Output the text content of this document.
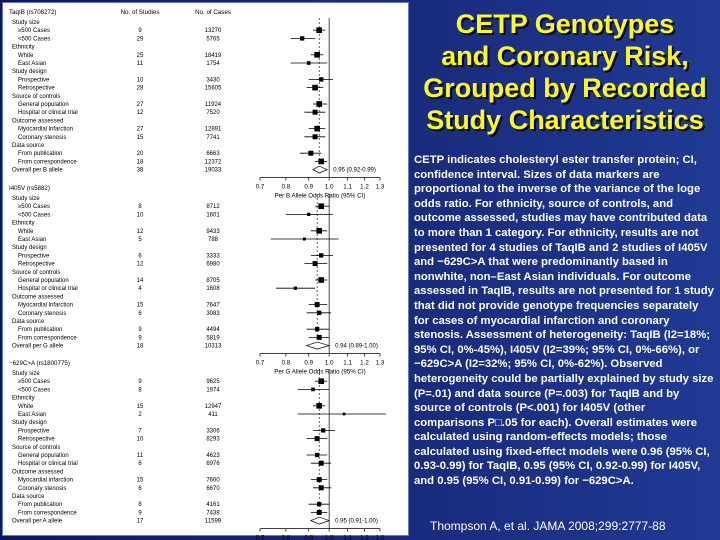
TaqIB (rs708272)	No. of Studies	No. of Cases
Study size
≥500 Cases	9	13270
<500 Cases	29	5765
Ethnicity
White	25	18419
East Asian	11	1754
Study design
Prospective	10	3430
Retrospective	28	15605
Source of controls
General population	27	11924
Hospital or clinical trial	12	7520
Outcome assessed
Myocardial infarction	27	12891
Coronary stenosis	15	7741
Data source
From publication	20	6663
From correspondence	18	12372
Overall per B allele	38	19033	0.95 (0.92-0.99)
0.7	0.8 0.9 1.0 1.1 1.2 1.3
Per B Allele Odds Ratio (95% CI)
I405V (rs5882)
Study size
≥500 Cases	8	8712
<500 Cases	10	1601
Ethnicity
White	12	9433
East Asian	5	788
Study design
Prospective	6	3333
Retrospective	12	6980
Source of controls
General population	14	8705
Hospital or clinical trial	4	1608
Outcome assessed
Myocardial infarction	15	7647
Coronary stenosis	6	3083
Data source
From publication	9	4494
From correspondence	9	5819
Overall per G allele	18	10313	0.94 (0.89-1.00)
0.7	0.8 0.9 1.0 1.1 1.2 1.3
Per G Allele Odds Ratio (95% CI)
−629C>A (rs1800775)
Study size
≥500 Cases	9	9625
<500 Cases	8	1974
Ethnicity
White	15	12947
East Asian	2	411
Study design
Prospective	7	3306
Retrospective	10	8293
Source of controls
General population	11	4623
Hospital or clinical trial	6	6976
Outcome assessed
Myocardial infarction	15	7600
Coronary stenosis	6	6670
Data source
From publication	8	4161
From correspondence	9	7438
Overall per A allele	17	11599	0.95 (0.91-1.00)
0.7	0.8 0.9 1.0 1.1 1.2 1.3
CETP Genotypes
and Coronary Risk,
Grouped by Recorded
Study Characteristics
CETP indicates cholesteryl ester transfer protein; CI, confidence interval. Sizes of data markers are proportional to the inverse of the variance of the loge odds ratio. For ethnicity, source of controls, and outcome assessed, studies may have contributed data to more than 1 category. For ethnicity, results are not presented for 4 studies of TaqIB and 2 studies of I405V and −629C>A that were predominantly based in nonwhite, non–East Asian individuals. For outcome assessed in TaqIB, results are not presented for 1 study that did not provide genotype frequencies separately for cases of myocardial infarction and coronary stenosis. Assessment of heterogeneity: TaqIB (I2=18%; 95% CI, 0%-45%), I405V (I2=39%; 95% CI, 0%-66%), or −629C>A (I2=32%; 95% CI, 0%-62%). Observed heterogeneity could be partially explained by study size (P=.01) and data source (P=.003) for TaqIB and by source of controls (P<.001) for I405V (other comparisons P□.05 for each). Overall estimates were calculated using random-effects models; those calculated using fixed-effect models were 0.96 (95% CI, 0.93-0.99) for TaqIB, 0.95 (95% CI, 0.92-0.99) for I405V, and 0.95 (95% CI, 0.91-0.99) for −629C>A.
Thompson A, et al. JAMA 2008;299:2777-88
